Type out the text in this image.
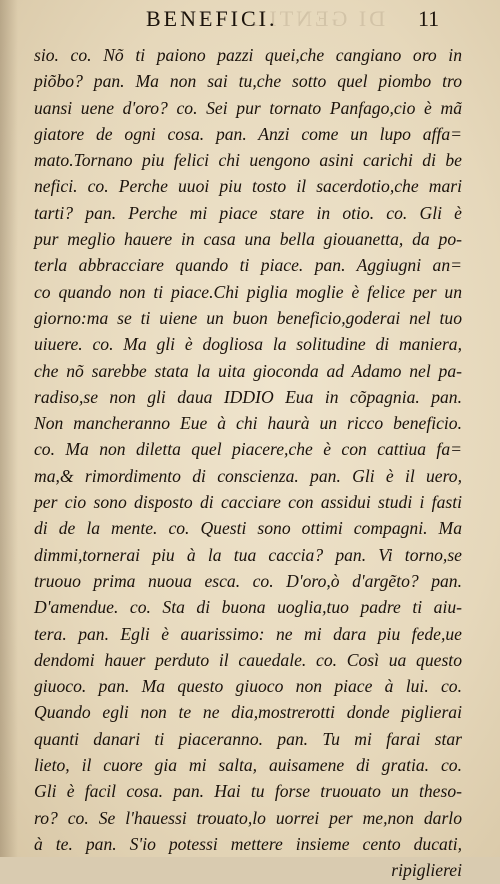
DI GENTIL
BENEFICI.	11
sio. co. Nõ ti paiono pazzi quei,che cangiano oro in
piõbo? pan. Ma non sai tu,che sotto quel piombo tro
uansi uene d'oro? co. Sei pur tornato Panfago,cio è mã
giatore de ogni cosa. pan. Anzi come un lupo affa=
mato.Tornano piu felici chi uengono asini carichi di be
nefici. co. Perche uuoi piu tosto il sacerdotio,che mari
tarti? pan. Perche mi piace stare in otio. co. Gli è
pur meglio hauere in casa una bella giouanetta, da po-
terla abbracciare quando ti piace. pan. Aggiugni an=
co quando non ti piace.Chi piglia moglie è felice per un
giorno:ma se ti uiene un buon beneficio,goderai nel tuo
uiuere. co. Ma gli è dogliosa la solitudine di maniera,
che nõ sarebbe stata la uita gioconda ad Adamo nel pa-
radiso,se non gli daua IDDIO Eua in cõpagnia. pan.
Non mancheranno Eue à chi haurà un ricco beneficio.
co. Ma non diletta quel piacere,che è con cattiua fa=
ma,& rimordimento di conscienza. pan. Gli è il uero,
per cio sono disposto di cacciare con assidui studi i fasti
di de la mente. co. Questi sono ottimi compagni. Ma
dimmi,tornerai piu à la tua caccia? pan. Vi torno,se
truouo prima nuoua esca. co. D'oro,ò d'argẽto? pan.
D'amendue. co. Sta di buona uoglia,tuo padre ti aiu-
tera. pan. Egli è auarissimo: ne mi dara piu fede,ue
dendomi hauer perduto il cauedale. co. Così ua questo
giuoco. pan. Ma questo giuoco non piace à lui. co.
Quando egli non te ne dia,mostrerotti donde piglierai
quanti danari ti piaceranno. pan. Tu mi farai star
lieto, il cuore gia mi salta, auisamene di gratia. co.
Gli è facil cosa. pan. Hai tu forse truouato un theso-
ro? co. Se l'hauessi trouato,lo uorrei per me,non darlo
à te. pan. S'io potessi mettere insieme cento ducati,
ripiglierei
